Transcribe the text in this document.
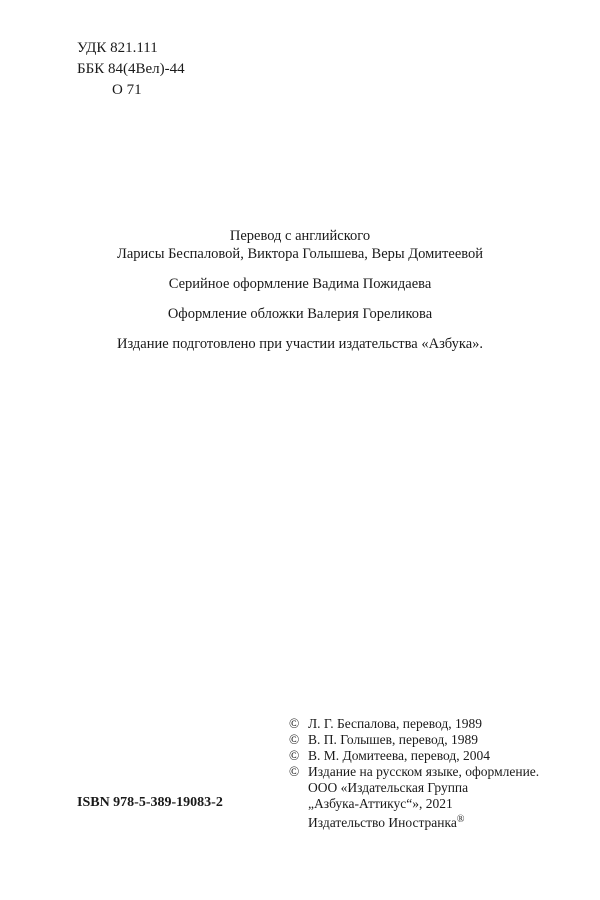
УДК 821.111
ББК 84(4Вел)-44
О 71
Перевод с английского
Ларисы Беспаловой, Виктора Голышева, Веры Домитеевой
Серийное оформление Вадима Пожидаева
Оформление обложки Валерия Гореликова
Издание подготовлено при участии издательства «Азбука».
© Л. Г. Беспалова, перевод, 1989
© В. П. Голышев, перевод, 1989
© В. М. Домитеева, перевод, 2004
© Издание на русском языке, оформление.
ООО «Издательская Группа
„Азбука-Аттикус“», 2021
Издательство Иностранка®
ISBN 978-5-389-19083-2
